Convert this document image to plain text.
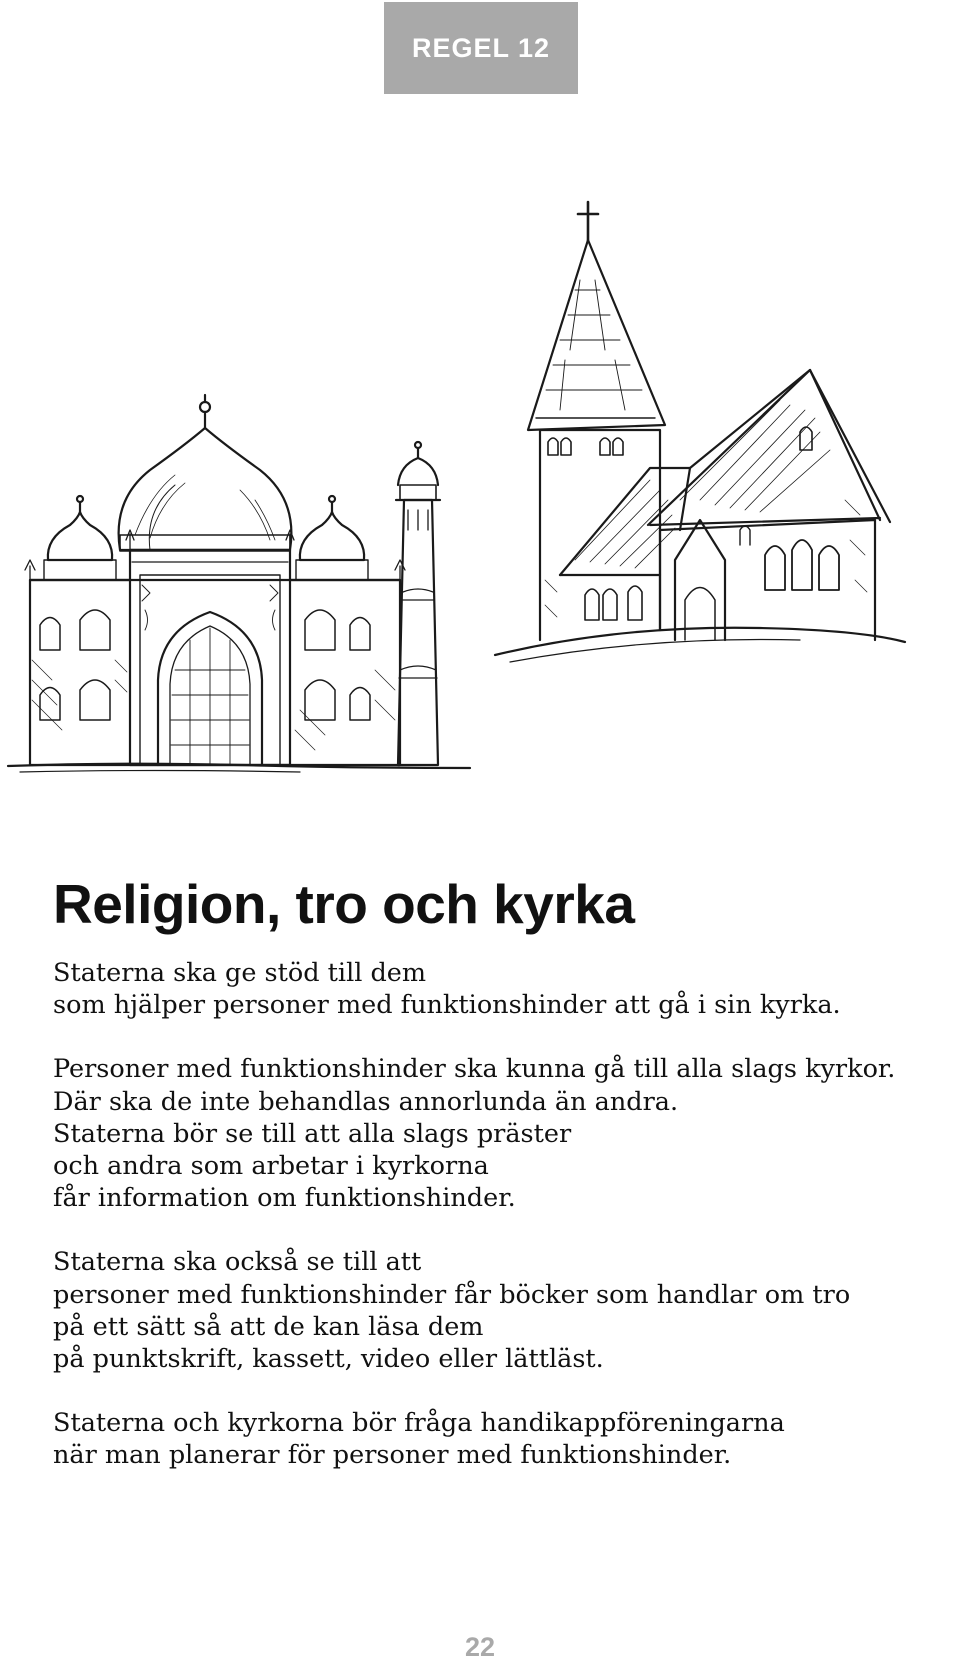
REGEL 12
Religion, tro och kyrka

Staterna ska ge stöd till dem
som hjälper personer med funktionshinder att gå i sin kyrka.

Personer med funktionshinder ska kunna gå till alla slags kyrkor.
Där ska de inte behandlas annorlunda än andra.
Staterna bör se till att alla slags präster
och andra som arbetar i kyrkorna
får information om funktionshinder.

Staterna ska också se till att
personer med funktionshinder får böcker som handlar om tro
på ett sätt så att de kan läsa dem
på punktskrift, kassett, video eller lättläst.

Staterna och kyrkorna bör fråga handikappföreningarna
när man planerar för personer med funktionshinder.

22
